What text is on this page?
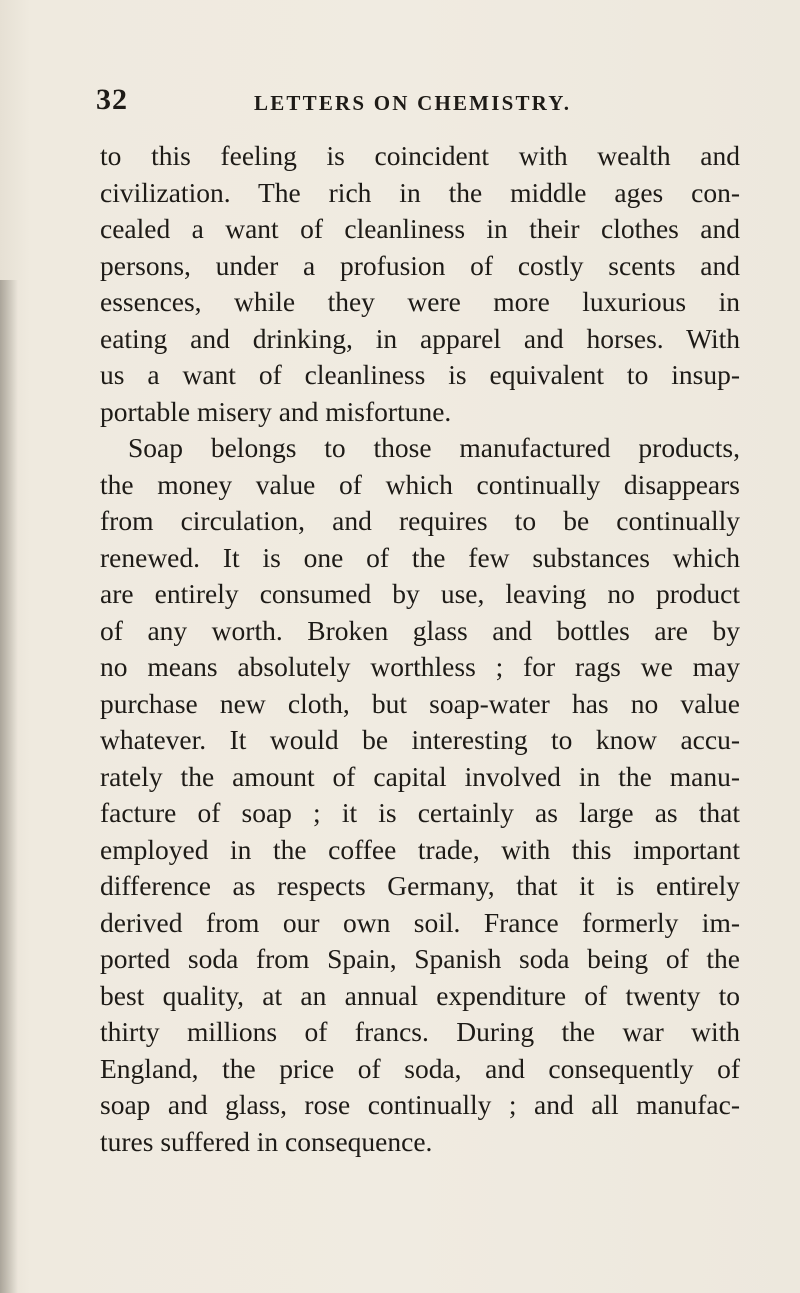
32	LETTERS ON CHEMISTRY.
to this feeling is coincident with wealth and
civilization. The rich in the middle ages con-
cealed a want of cleanliness in their clothes and
persons, under a profusion of costly scents and
essences, while they were more luxurious in
eating and drinking, in apparel and horses. With
us a want of cleanliness is equivalent to insup-
portable misery and misfortune.
Soap belongs to those manufactured products,
the money value of which continually disappears
from circulation, and requires to be continually
renewed. It is one of the few substances which
are entirely consumed by use, leaving no product
of any worth. Broken glass and bottles are by
no means absolutely worthless ; for rags we may
purchase new cloth, but soap-water has no value
whatever. It would be interesting to know accu-
rately the amount of capital involved in the manu-
facture of soap ; it is certainly as large as that
employed in the coffee trade, with this important
difference as respects Germany, that it is entirely
derived from our own soil. France formerly im-
ported soda from Spain, Spanish soda being of the
best quality, at an annual expenditure of twenty to
thirty millions of francs. During the war with
England, the price of soda, and consequently of
soap and glass, rose continually ; and all manufac-
tures suffered in consequence.
